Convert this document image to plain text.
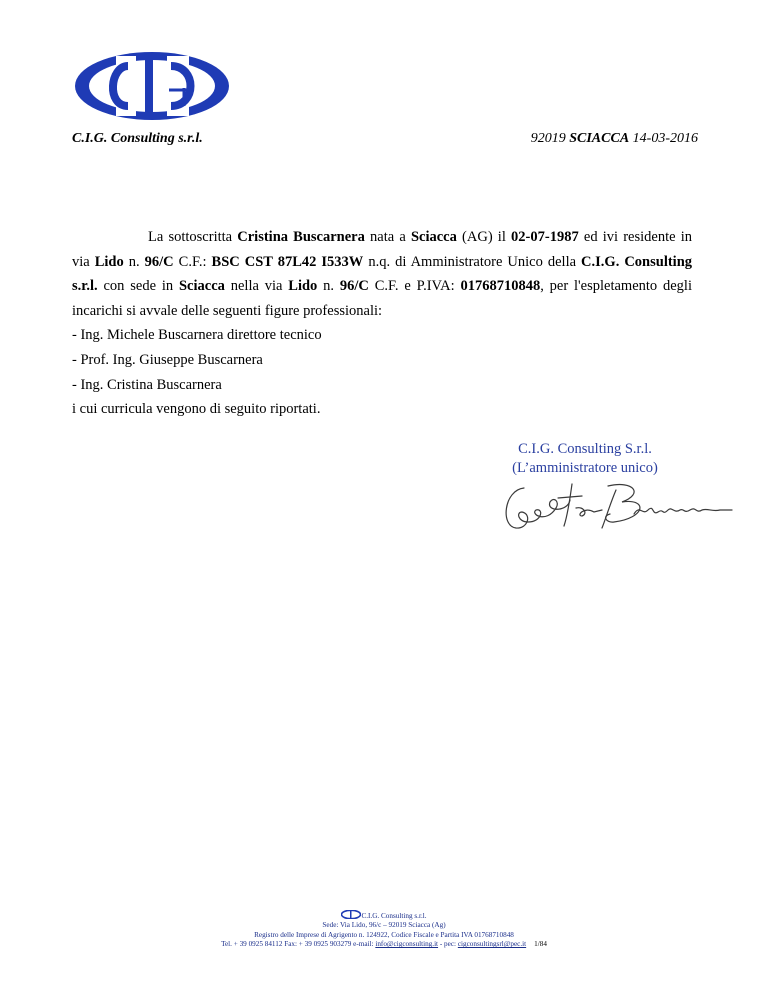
C.I.G. Consulting s.r.l.	92019 SCIACCA 14-03-2016

La sottoscritta Cristina Buscarnera nata a Sciacca (AG) il 02-07-1987 ed ivi residente in via Lido n. 96/C C.F.: BSC CST 87L42 I533W n.q. di Amministratore Unico della C.I.G. Consulting s.r.l. con sede in Sciacca nella via Lido n. 96/C C.F. e P.IVA: 01768710848, per l'espletamento degli incarichi si avvale delle seguenti figure professionali:

- Ing. Michele Buscarnera direttore tecnico

- Prof. Ing. Giuseppe Buscarnera

- Ing. Cristina Buscarnera

i cui curricula vengono di seguito riportati.

C.I.G. Consulting S.r.l.
(L’amministratore unico)
C.I.G. Consulting s.r.l.
Sede: Via Lido, 96/c – 92019 Sciacca (Ag)
Registro delle Imprese di Agrigento n. 124922, Codice Fiscale e Partita IVA 01768710848
Tel. + 39 0925 84112 Fax: + 39 0925 903279 e-mail: info@cigconsulting.it - pec: cigconsultingsrl@pec.it 1/84
